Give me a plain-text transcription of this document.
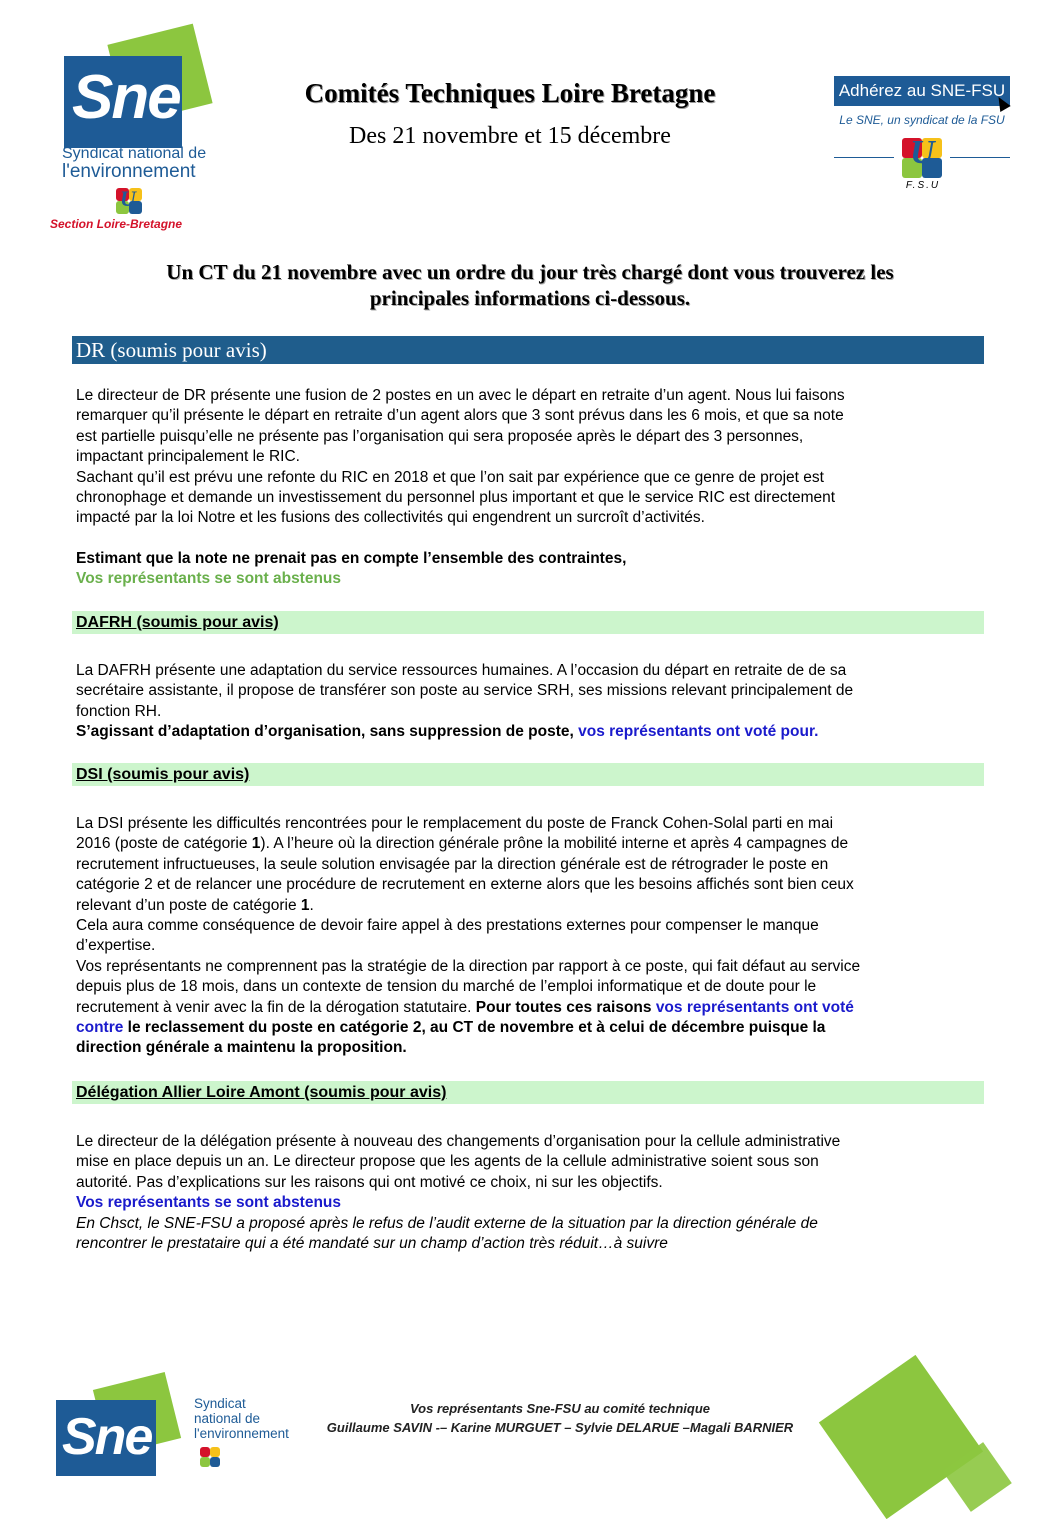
Sne
Syndicat national de
l'environnement
U
Section Loire-Bretagne
Comités Techniques Loire Bretagne
Des 21 novembre et 15 décembre
Adhérez au SNE-FSU
Le SNE, un syndicat de la FSU
U
F.S.U
Un CT du 21 novembre avec un ordre du jour très chargé dont vous trouverez les
principales informations ci-dessous.
DR (soumis pour avis)
Le directeur de DR présente une fusion de 2 postes en un avec le départ en retraite d’un agent. Nous lui faisons
remarquer qu’il présente le départ en retraite d’un agent alors que 3 sont prévus dans les 6 mois, et que sa note
est partielle puisqu’elle ne présente pas l’organisation qui sera proposée après le départ des 3 personnes,
impactant principalement le RIC.
Sachant qu’il est prévu une refonte du RIC en 2018 et que l’on sait par expérience que ce genre de projet est
chronophage et demande un investissement du personnel plus important et que le service RIC est directement
impacté par la loi Notre et les fusions des collectivités qui engendrent un surcroît d’activités.
Estimant que la note ne prenait pas en compte l’ensemble des contraintes,
Vos représentants se sont abstenus
DAFRH (soumis pour avis)
La DAFRH présente une adaptation du service ressources humaines. A l’occasion du départ en retraite de de sa
secrétaire assistante, il propose de transférer son poste au service SRH, ses missions relevant principalement de
fonction RH.
S’agissant d’adaptation d’organisation, sans suppression de poste, vos représentants ont voté pour.
DSI (soumis pour avis)
La DSI présente les difficultés rencontrées pour le remplacement du poste de Franck Cohen-Solal parti en mai
2016 (poste de catégorie 1). A l’heure où la direction générale prône la mobilité interne et après 4 campagnes de
recrutement infructueuses, la seule solution envisagée par la direction générale est de rétrograder le poste en
catégorie 2 et de relancer une procédure de recrutement en externe alors que les besoins affichés sont bien ceux
relevant d’un poste de catégorie 1.
Cela aura comme conséquence de devoir faire appel à des prestations externes pour compenser le manque
d’expertise.
Vos représentants ne comprennent pas la stratégie de la direction par rapport à ce poste, qui fait défaut au service
depuis plus de 18 mois, dans un contexte de tension du marché de l’emploi informatique et de doute pour le
recrutement à venir avec la fin de la dérogation statutaire. Pour toutes ces raisons vos représentants ont voté
contre le reclassement du poste en catégorie 2, au CT de novembre et à celui de décembre puisque la
direction générale a maintenu la proposition.
Délégation Allier Loire Amont (soumis pour avis)
Le directeur de la délégation présente à nouveau des changements d’organisation pour la cellule administrative
mise en place depuis un an. Le directeur propose que les agents de la cellule administrative soient sous son
autorité. Pas d’explications sur les raisons qui ont motivé ce choix, ni sur les objectifs.
Vos représentants se sont abstenus
En Chsct, le SNE-FSU a proposé après le refus de l’audit externe de la situation par la direction générale de
rencontrer le prestataire qui a été mandaté sur un champ d’action très réduit…à suivre
Sne
Syndicat
national de
l'environnement
Vos représentants Sne-FSU au comité technique
Guillaume SAVIN -– Karine MURGUET – Sylvie DELARUE –Magali BARNIER
